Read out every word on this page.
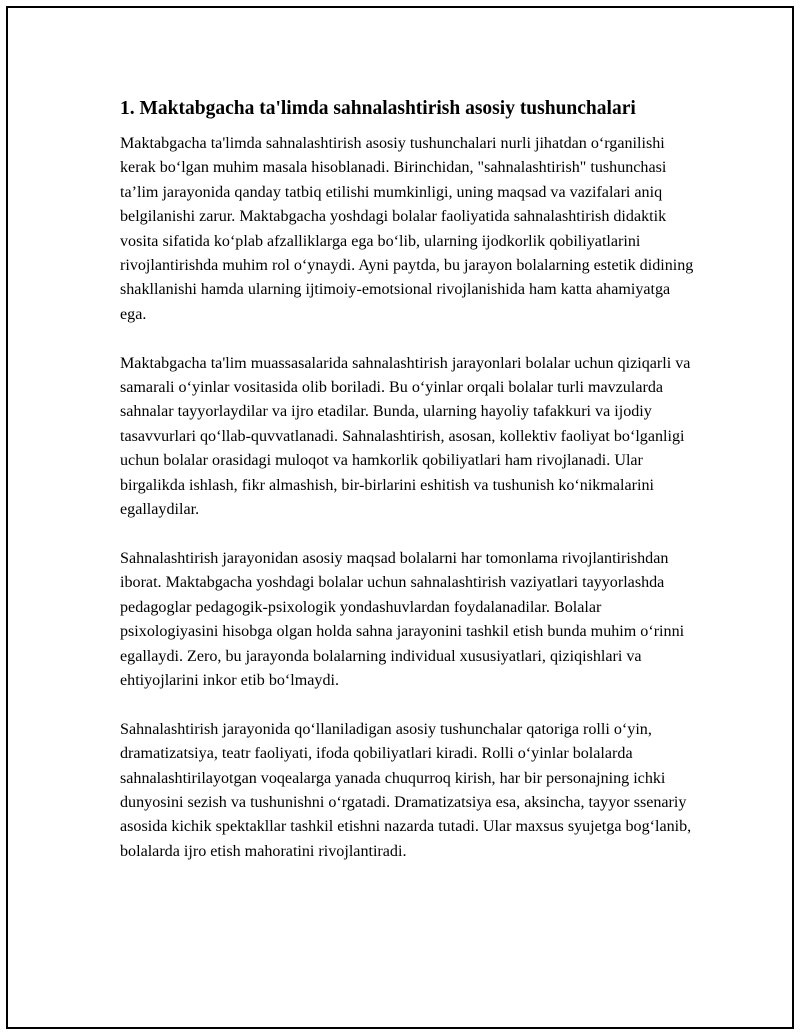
1. Maktabgacha ta'limda sahnalashtirish asosiy tushunchalari

Maktabgacha ta'limda sahnalashtirish asosiy tushunchalari nurli jihatdan o‘rganilishi kerak bo‘lgan muhim masala hisoblanadi. Birinchidan, "sahnalashtirish" tushunchasi ta’lim jarayonida qanday tatbiq etilishi mumkinligi, uning maqsad va vazifalari aniq belgilanishi zarur. Maktabgacha yoshdagi bolalar faoliyatida sahnalashtirish didaktik vosita sifatida ko‘plab afzalliklarga ega bo‘lib, ularning ijodkorlik qobiliyatlarini rivojlantirishda muhim rol o‘ynaydi. Ayni paytda, bu jarayon bolalarning estetik didining shakllanishi hamda ularning ijtimoiy-emotsional rivojlanishida ham katta ahamiyatga ega.

Maktabgacha ta'lim muassasalarida sahnalashtirish jarayonlari bolalar uchun qiziqarli va samarali o‘yinlar vositasida olib boriladi. Bu o‘yinlar orqali bolalar turli mavzularda sahnalar tayyorlaydilar va ijro etadilar. Bunda, ularning hayoliy tafakkuri va ijodiy tasavvurlari qo‘llab-quvvatlanadi. Sahnalashtirish, asosan, kollektiv faoliyat bo‘lganligi uchun bolalar orasidagi muloqot va hamkorlik qobiliyatlari ham rivojlanadi. Ular birgalikda ishlash, fikr almashish, bir-birlarini eshitish va tushunish ko‘nikmalarini egallaydilar.

Sahnalashtirish jarayonidan asosiy maqsad bolalarni har tomonlama rivojlantirishdan iborat. Maktabgacha yoshdagi bolalar uchun sahnalashtirish vaziyatlari tayyorlashda pedagoglar pedagogik-psixologik yondashuvlardan foydalanadilar. Bolalar psixologiyasini hisobga olgan holda sahna jarayonini tashkil etish bunda muhim o‘rinni egallaydi. Zero, bu jarayonda bolalarning individual xususiyatlari, qiziqishlari va ehtiyojlarini inkor etib bo‘lmaydi.

Sahnalashtirish jarayonida qo‘llaniladigan asosiy tushunchalar qatoriga rolli o‘yin, dramatizatsiya, teatr faoliyati, ifoda qobiliyatlari kiradi. Rolli o‘yinlar bolalarda sahnalashtirilayotgan voqealarga yanada chuqurroq kirish, har bir personajning ichki dunyosini sezish va tushunishni o‘rgatadi. Dramatizatsiya esa, aksincha, tayyor ssenariy asosida kichik spektakllar tashkil etishni nazarda tutadi. Ular maxsus syujetga bog‘lanib, bolalarda ijro etish mahoratini rivojlantiradi.
